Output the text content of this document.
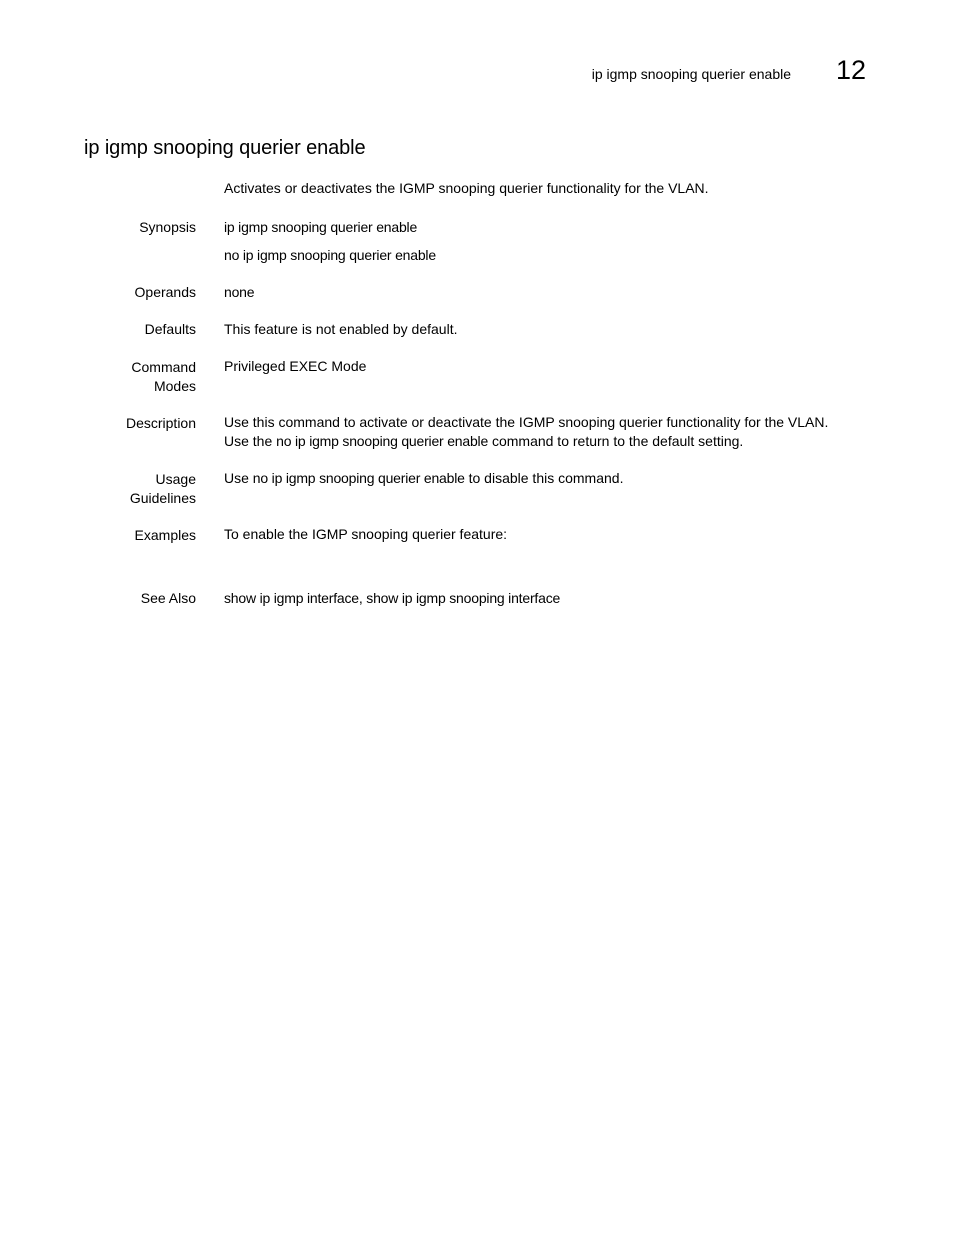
ip igmp snooping querier enable	12
ip igmp snooping querier enable
Activates or deactivates the IGMP snooping querier functionality for the VLAN.
Synopsis ip igmp snooping querier enable
no ip igmp snooping querier enable
Operands none
Defaults This feature is not enabled by default.
Command
Modes
Privileged EXEC Mode
Description Use this command to activate or deactivate the IGMP snooping querier functionality for the VLAN.
Use the no ip igmp snooping querier enable command to return to the default setting.
Usage
Guidelines
Use no ip igmp snooping querier enable to disable this command.
Examples To enable the IGMP snooping querier feature:
See Also show ip igmp interface, show ip igmp snooping interface
